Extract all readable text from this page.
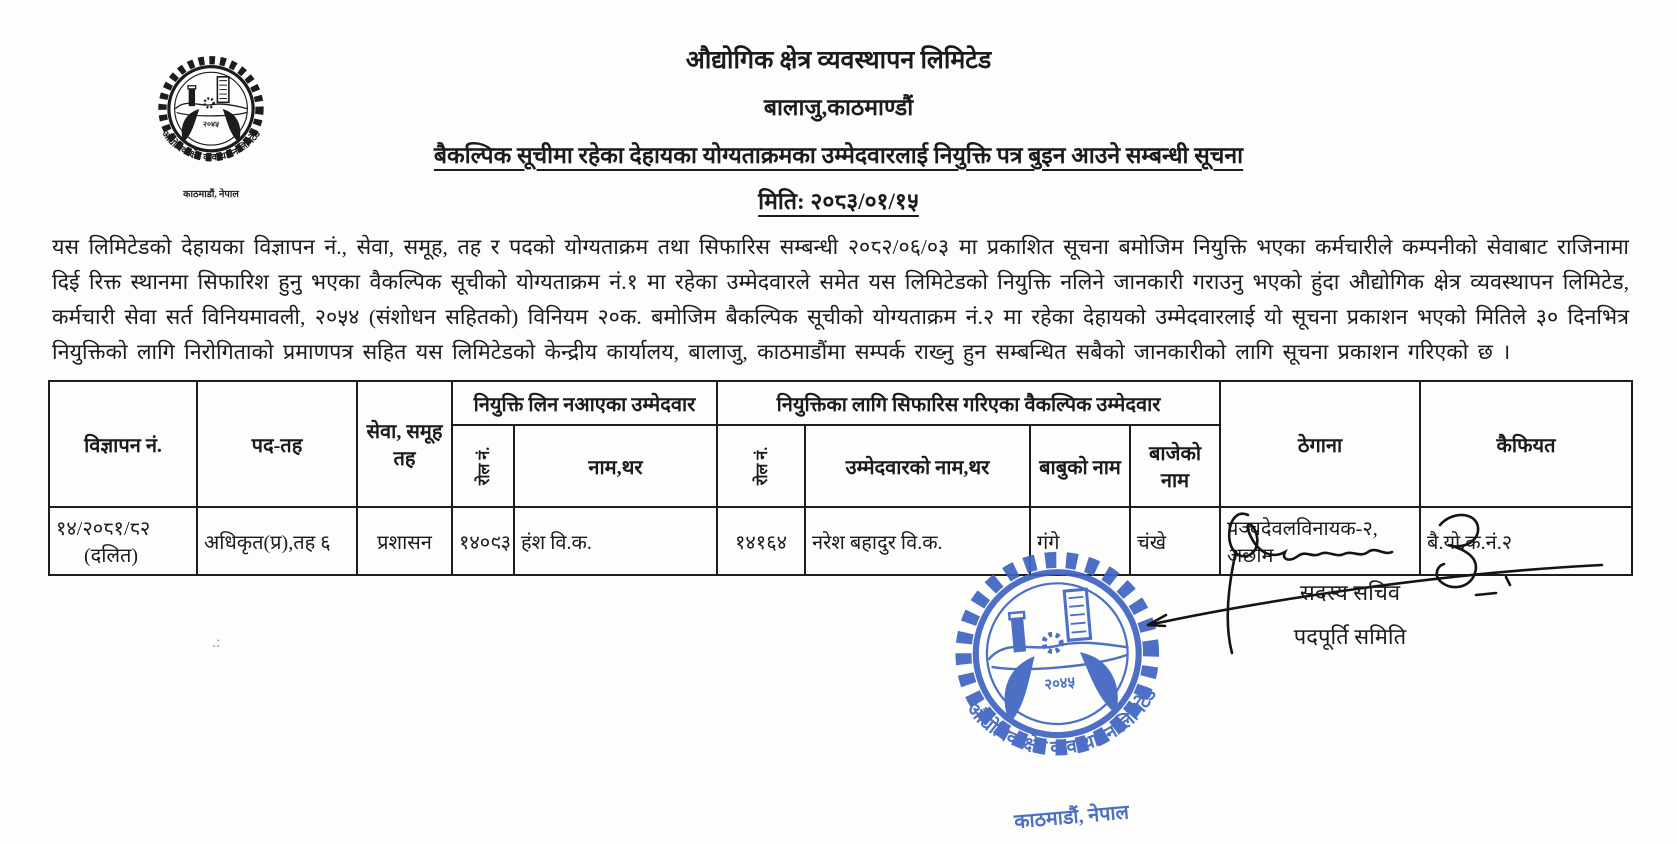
२०४५
औद्योगिक क्षेत्र व्यवस्थापन लिमिटेड
काठमाडौं, नेपाल
औद्योगिक क्षेत्र व्यवस्थापन लिमिटेड
बालाजु,काठमाण्डौं
बैकल्पिक सूचीमा रहेका देहायका योग्यताक्रमका उम्मेदवारलाई नियुक्ति पत्र बुइन आउने सम्बन्धी सूचना
मिति: २०८३/०१/१५

यस लिमिटेडको देहायका विज्ञापन नं., सेवा, समूह, तह र पदको योग्यताक्रम तथा सिफारिस सम्बन्धी २०८२/०६/०३ मा प्रकाशित सूचना बमोजिम नियुक्ति भएका कर्मचारीले कम्पनीको सेवाबाट राजिनामा दिई रिक्त स्थानमा सिफारिश हुनु भएका वैकल्पिक सूचीको योग्यताक्रम नं.१ मा रहेका उम्मेदवारले समेत यस लिमिटेडको नियुक्ति नलिने जानकारी गराउनु भएको हुंदा औद्योगिक क्षेत्र व्यवस्थापन लिमिटेड, कर्मचारी सेवा सर्त विनियमावली, २०५४ (संशोधन सहितको) विनियम २०क. बमोजिम बैकल्पिक सूचीको योग्यताक्रम नं.२ मा रहेका देहायको उम्मेदवारलाई यो सूचना प्रकाशन भएको मितिले ३० दिनभित्र नियुक्तिको लागि निरोगिताको प्रमाणपत्र सहित यस लिमिटेडको केन्द्रीय कार्यालय, बालाजु, काठमाडौंमा सम्पर्क राख्नु हुन सम्बन्धित सबैको जानकारीको लागि सूचना प्रकाशन गरिएको छ ।

विज्ञापन नं.	पद-तह	सेवा, समूह तह	नियुक्ति लिन नआएका उम्मेदवार		नियुक्तिका लागि सिफारिस गरिएका वैकल्पिक उम्मेदवार				ठेगाना	कैफियत
			रोल नं.	नाम,थर	रोल नं.	उम्मेदवारको नाम,थर	बाबुको नाम	बाजेको नाम		

१४/२०८१/८२
(दलित)	अधिकृत(प्र),तह ६	प्रशासन	१४०९३	हंश वि.क.	१४१६४	नरेश बहादुर वि.क.	गंगे	चंखे	पञ्चदेवलविनायक-२, अछाम	बै.यो.क.नं.२
२०४५
औद्योगिक क्षेत्र व्यवस्थापन लिमिटेड
काठमाडौं, नेपाल
सदस्य सचिव
पदपूर्ति समिति
.:
